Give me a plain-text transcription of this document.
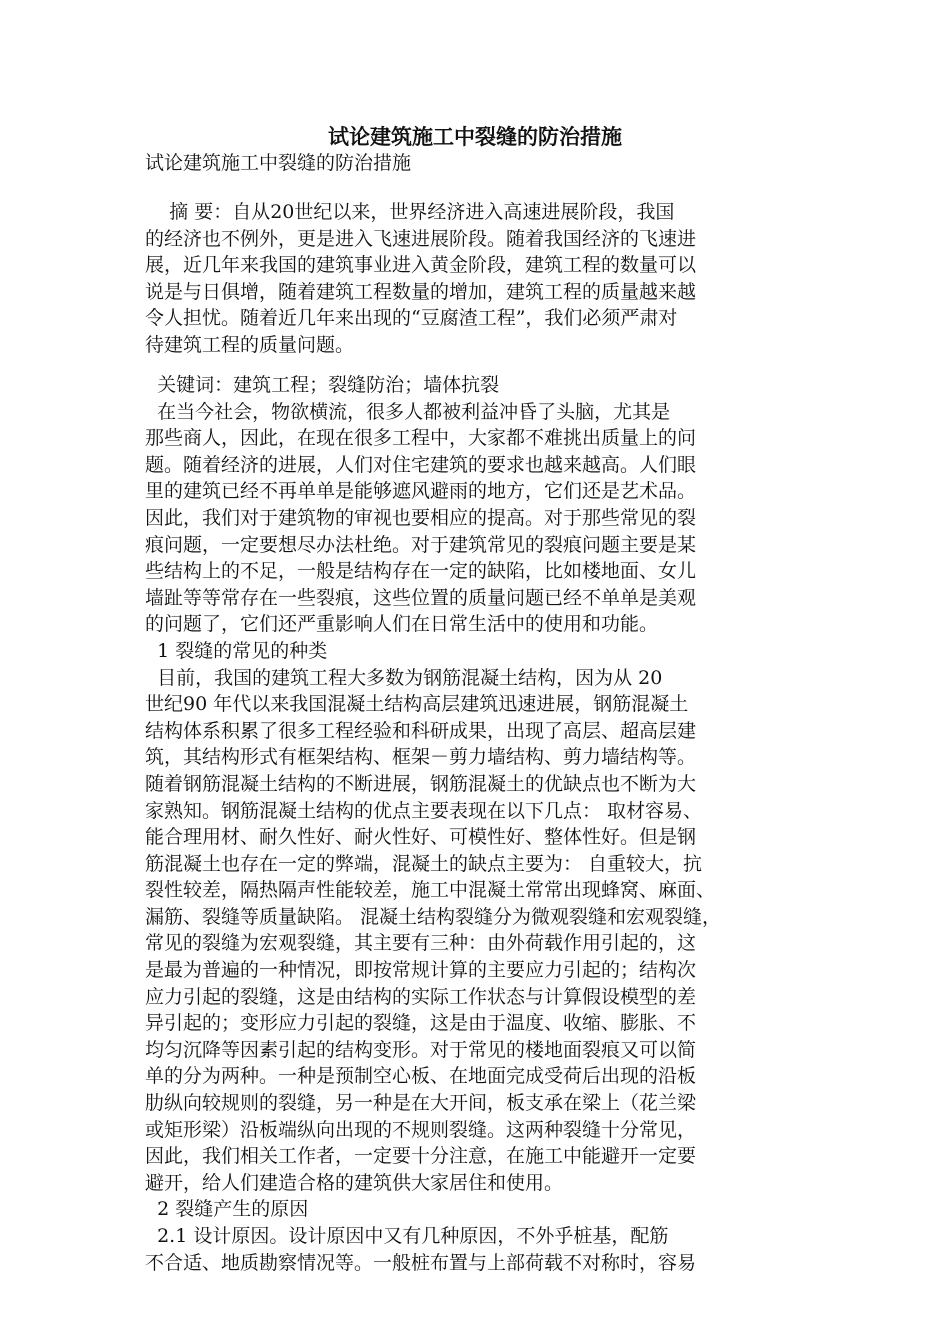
试论建筑施工中裂缝的防治措施

试论建筑施工中裂缝的防治措施

摘 要：自从20世纪以来，世界经济进入高速进展阶段，我国
的经济也不例外，更是进入飞速进展阶段。随着我国经济的飞速进
展，近几年来我国的建筑事业进入黄金阶段，建筑工程的数量可以
说是与日俱增，随着建筑工程数量的增加，建筑工程的质量越来越
令人担忧。随着近几年来出现的“豆腐渣工程”，我们必须严肃对
待建筑工程的质量问题。

关键词：建筑工程；裂缝防治；墙体抗裂
在当今社会，物欲横流，很多人都被利益冲昏了头脑，尤其是
那些商人，因此，在现在很多工程中，大家都不难挑出质量上的问
题。随着经济的进展，人们对住宅建筑的要求也越来越高。人们眼
里的建筑已经不再单单是能够遮风避雨的地方，它们还是艺术品。
因此，我们对于建筑物的审视也要相应的提高。对于那些常见的裂
痕问题，一定要想尽办法杜绝。对于建筑常见的裂痕问题主要是某
些结构上的不足，一般是结构存在一定的缺陷，比如楼地面、女儿
墙趾等等常存在一些裂痕，这些位置的质量问题已经不单单是美观
的问题了，它们还严重影响人们在日常生活中的使用和功能。
1 裂缝的常见的种类
目前，我国的建筑工程大多数为钢筋混凝土结构，因为从 20
世纪90 年代以来我国混凝土结构高层建筑迅速进展，钢筋混凝土
结构体系积累了很多工程经验和科研成果，出现了高层、超高层建
筑，其结构形式有框架结构、框架－剪力墙结构、剪力墙结构等。
随着钢筋混凝土结构的不断进展，钢筋混凝土的优缺点也不断为大
家熟知。钢筋混凝土结构的优点主要表现在以下几点： 取材容易、
能合理用材、耐久性好、耐火性好、可模性好、整体性好。但是钢
筋混凝土也存在一定的弊端，混凝土的缺点主要为： 自重较大，抗
裂性较差，隔热隔声性能较差，施工中混凝土常常出现蜂窝、麻面、
漏筋、裂缝等质量缺陷。 混凝土结构裂缝分为微观裂缝和宏观裂缝，
常见的裂缝为宏观裂缝，其主要有三种：由外荷载作用引起的，这
是最为普遍的一种情况，即按常规计算的主要应力引起的；结构次
应力引起的裂缝，这是由结构的实际工作状态与计算假设模型的差
异引起的；变形应力引起的裂缝，这是由于温度、收缩、膨胀、不
均匀沉降等因素引起的结构变形。对于常见的楼地面裂痕又可以简
单的分为两种。一种是预制空心板、在地面完成受荷后出现的沿板
肋纵向较规则的裂缝，另一种是在大开间，板支承在梁上（花兰梁
或矩形梁）沿板端纵向出现的不规则裂缝。这两种裂缝十分常见，
因此，我们相关工作者，一定要十分注意，在施工中能避开一定要
避开，给人们建造合格的建筑供大家居住和使用。
2 裂缝产生的原因
2.1 设计原因。设计原因中又有几种原因，不外乎桩基，配筋
不合适、地质勘察情况等。一般桩布置与上部荷载不对称时，容易
